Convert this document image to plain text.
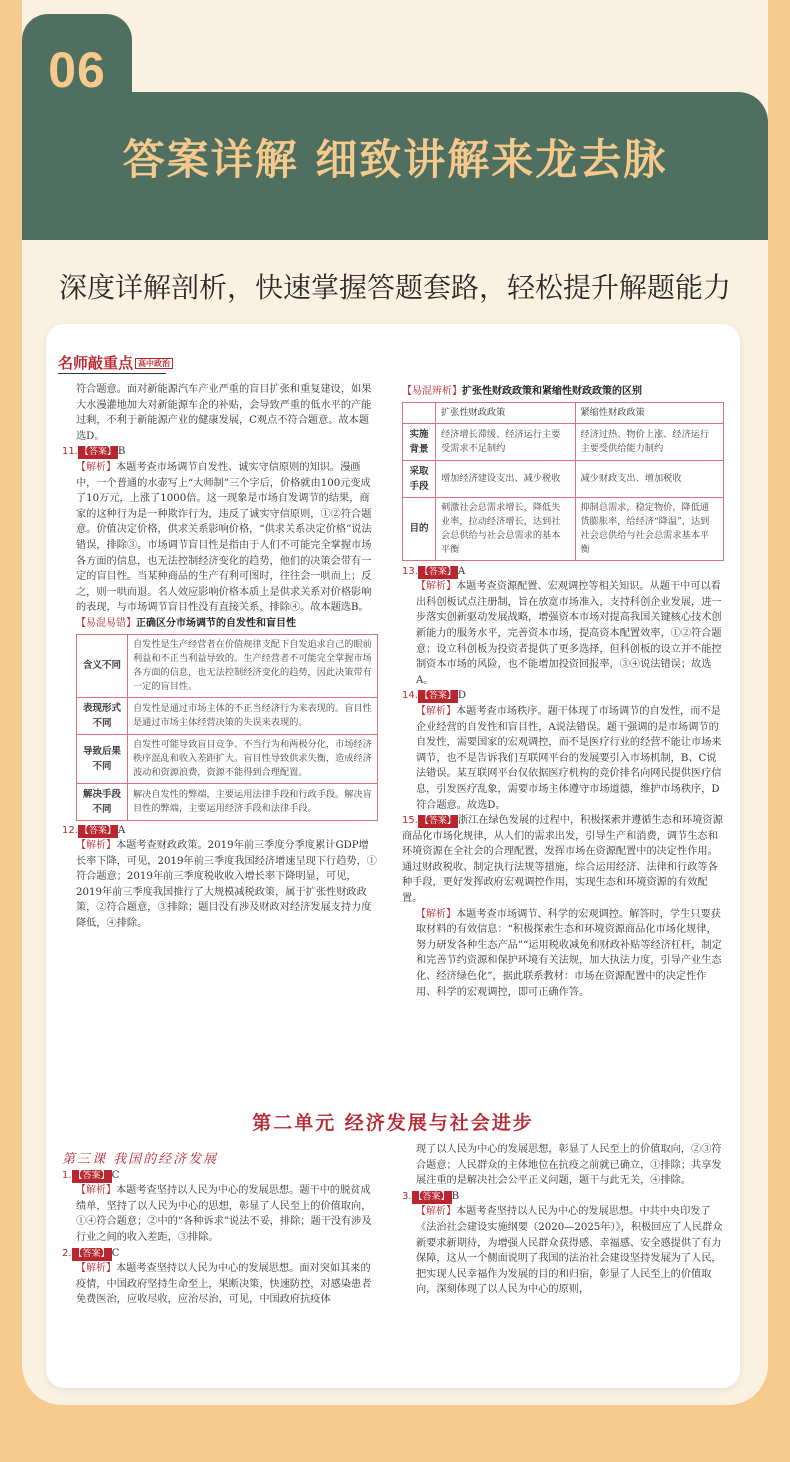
06
答案详解 细致讲解来龙去脉
深度详解剖析，快速掌握答题套路，轻松提升解题能力
名师敲重点 高中政治

符合题意。面对新能源汽车产业严重的盲目扩张和重复建设，如果大水漫灌地加大对新能源车企的补贴，会导致严重的低水平的产能过剩，不利于新能源产业的健康发展，C观点不符合题意。故本题选D。

11. 【答案】 B

【解析】本题考查市场调节自发性、诚实守信原则的知识。漫画中，一个普通的水壶写上“大师制”三个字后，价格就由100元变成了10万元，上涨了1000倍。这一现象是市场自发调节的结果，商家的这种行为是一种欺诈行为，违反了诚实守信原则，①②符合题意。价值决定价格，供求关系影响价格，“供求关系决定价格”说法错误，排除③。市场调节盲目性是指由于人们不可能完全掌握市场各方面的信息，也无法控制经济变化的趋势，他们的决策会带有一定的盲目性。当某种商品的生产有利可图时，往往会一哄而上；反之，则一哄而退。名人效应影响价格本质上是供求关系对价格影响的表现，与市场调节盲目性没有直接关系，排除④。故本题选B。

【易混易错】正确区分市场调节的自发性和盲目性

含义不同	自发性是生产经营者在价值规律支配下自发追求自己的眼前利益和不正当利益导致的。生产经营者不可能完全掌握市场各方面的信息，也无法控制经济变化的趋势，因此决策带有一定的盲目性。
表现形式不同	自发性是通过市场主体的不正当经济行为来表现的。盲目性是通过市场主体经营决策的失误来表现的。
导致后果不同	自发性可能导致盲目竞争、不当行为和两极分化，市场经济秩序混乱和收入差距扩大。盲目性导致供求失衡，造成经济波动和资源浪费，资源不能得到合理配置。
解决手段不同	解决自发性的弊端，主要运用法律手段和行政手段。解决盲目性的弊端，主要运用经济手段和法律手段。

12. 【答案】 A

【解析】本题考查财政政策。2019年前三季度分季度累计GDP增长率下降，可见，2019年前三季度我国经济增速呈现下行趋势，①符合题意；2019年前三季度税收收入增长率下降明显，可见，2019年前三季度我国推行了大规模减税政策，属于扩张性财政政策，②符合题意，③排除；题目没有涉及财政对经济发展支持力度降低，④排除。

【易混辨析】扩张性财政政策和紧缩性财政政策的区别

	扩张性财政政策	紧缩性财政政策
实施背景	经济增长滞缓、经济运行主要受需求不足制约	经济过热、物价上涨、经济运行主要受供给能力制约
采取手段	增加经济建设支出、减少税收	减少财政支出、增加税收
目的	刺激社会总需求增长，降低失业率，拉动经济增长，达到社会总供给与社会总需求的基本平衡	抑制总需求，稳定物价，降低通货膨胀率，给经济“降温”，达到社会总供给与社会总需求基本平衡

13. 【答案】 A

【解析】本题考查资源配置、宏观调控等相关知识。从题干中可以看出科创板试点注册制，旨在放宽市场准入，支持科创企业发展，进一步落实创新驱动发展战略，增强资本市场对提高我国关键核心技术创新能力的服务水平，完善资本市场，提高资本配置效率，①②符合题意；设立科创板为投资者提供了更多选择，但科创板的设立并不能控制资本市场的风险，也不能增加投资回报率，③④说法错误；故选A。

14. 【答案】 D

【解析】本题考查市场秩序。题干体现了市场调节的自发性，而不是企业经营的自发性和盲目性，A说法错误。题干强调的是市场调节的自发性，需要国家的宏观调控，而不是医疗行业的经营不能让市场来调节，也不是告诉我们互联网平台的发展要引入市场机制，B、C说法错误。某互联网平台仅依据医疗机构的竞价排名向网民提供医疗信息，引发医疗乱象，需要市场主体遵守市场道德，维护市场秩序，D符合题意。故选D。

15. 【答案】 浙江在绿色发展的过程中，积极探索并遵循生态和环境资源商品化市场化规律，从人们的需求出发，引导生产和消费，调节生态和环境资源在全社会的合理配置，发挥市场在资源配置中的决定性作用。通过财政税收、制定执行法规等措施，综合运用经济、法律和行政等各种手段，更好发挥政府宏观调控作用，实现生态和环境资源的有效配置。

【解析】本题考查市场调节、科学的宏观调控。解答时，学生只要获取材料的有效信息：“积极探索生态和环境资源商品化市场化规律，努力研发各种生态产品”“运用税收减免和财政补贴等经济杠杆，制定和完善节约资源和保护环境有关法规，加大执法力度，引导产业生态化、经济绿色化”，据此联系教材：市场在资源配置中的决定性作用、科学的宏观调控，即可正确作答。

第二单元 经济发展与社会进步

第三课 我国的经济发展

1. 【答案】 C

【解析】本题考查坚持以人民为中心的发展思想。题干中的脱贫成绩单，坚持了以人民为中心的思想，彰显了人民至上的价值取向，①④符合题意；②中的“各种诉求”说法不妥，排除；题干没有涉及行业之间的收入差距，③排除。

2. 【答案】 C

【解析】本题考查坚持以人民为中心的发展思想。面对突如其来的疫情，中国政府坚持生命至上，果断决策，快速防控，对感染患者免费医治，应收尽收，应治尽治，可见，中国政府抗疫体

现了以人民为中心的发展思想，彰显了人民至上的价值取向，②③符合题意；人民群众的主体地位在抗疫之前就已确立，①排除；共享发展注重的是解决社会公平正义问题，题干与此无关，④排除。

3. 【答案】 B

【解析】本题考查坚持以人民为中心的发展思想。中共中央印发了《法治社会建设实施纲要（2020—2025年）》，积极回应了人民群众新要求新期待，为增强人民群众获得感、幸福感、安全感提供了有力保障，这从一个侧面说明了我国的法治社会建设坚持发展为了人民，把实现人民幸福作为发展的目的和归宿，彰显了人民至上的价值取向，深刻体现了以人民为中心的原则，
